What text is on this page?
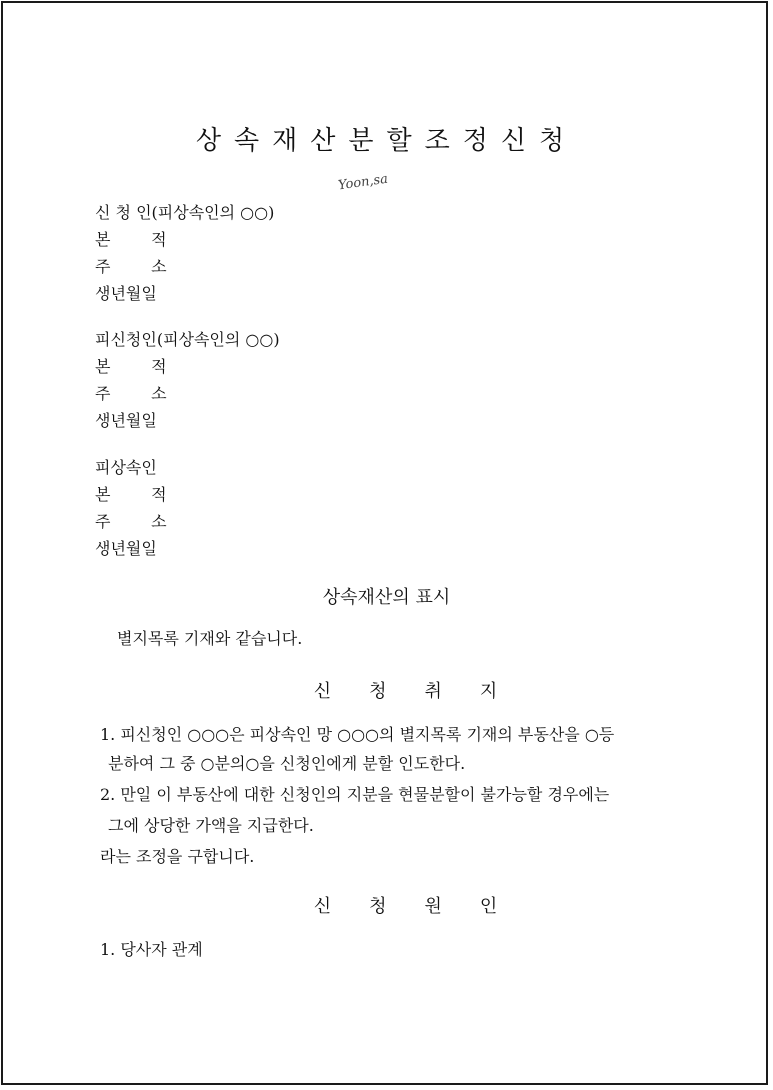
상속재산분할조정신청
Yoon,sa
신 청 인(피상속인의 ○○)
본        적
주        소
생년월일
피신청인(피상속인의 ○○)
본        적
주        소
생년월일
피상속인
본        적
주        소
생년월일
상속재산의 표시
별지목록 기재와 같습니다.
신청취지
1. 피신청인 ○○○은 피상속인 망 ○○○의 별지목록 기재의 부동산을 ○등
분하여 그 중 ○분의○을 신청인에게 분할 인도한다.
2. 만일 이 부동산에 대한 신청인의 지분을 현물분할이 불가능할 경우에는
그에 상당한 가액을 지급한다.
라는 조정을 구합니다.
신청원인
1. 당사자 관계
